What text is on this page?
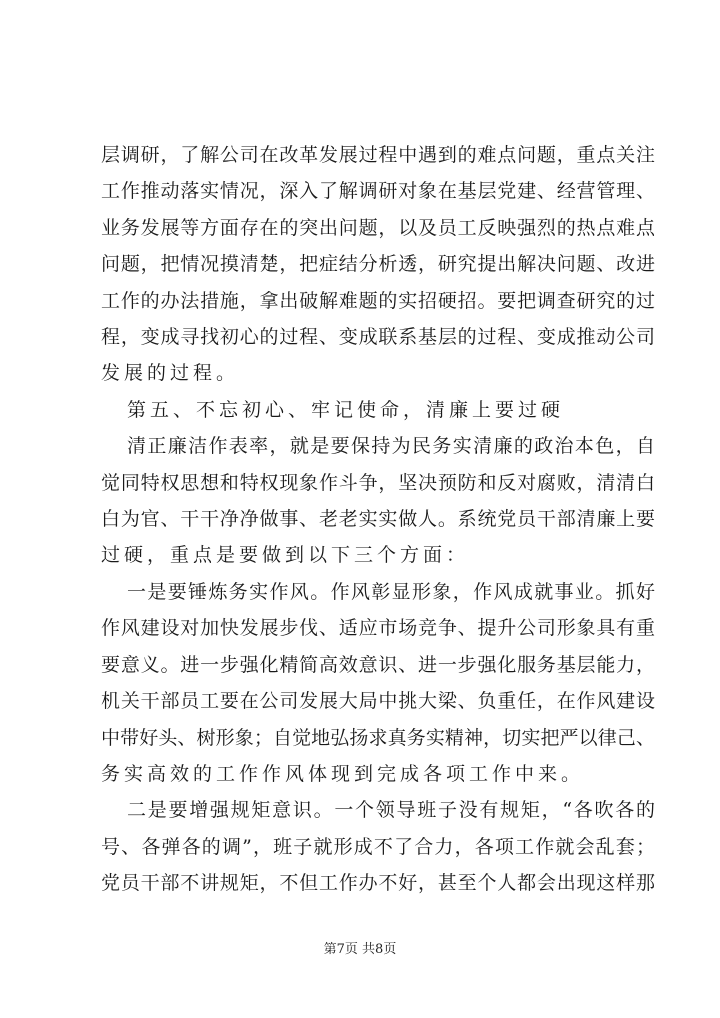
层调研，了解公司在改革发展过程中遇到的难点问题，重点关注
工作推动落实情况，深入了解调研对象在基层党建、经营管理、
业务发展等方面存在的突出问题，以及员工反映强烈的热点难点
问题，把情况摸清楚，把症结分析透，研究提出解决问题、改进
工作的办法措施，拿出破解难题的实招硬招。要把调查研究的过
程，变成寻找初心的过程、变成联系基层的过程、变成推动公司
发展的过程。
第五、不忘初心、牢记使命，清廉上要过硬
清正廉洁作表率，就是要保持为民务实清廉的政治本色，自
觉同特权思想和特权现象作斗争，坚决预防和反对腐败，清清白
白为官、干干净净做事、老老实实做人。系统党员干部清廉上要
过硬，重点是要做到以下三个方面：
一是要锤炼务实作风。作风彰显形象，作风成就事业。抓好
作风建设对加快发展步伐、适应市场竞争、提升公司形象具有重
要意义。进一步强化精简高效意识、进一步强化服务基层能力，
机关干部员工要在公司发展大局中挑大梁、负重任，在作风建设
中带好头、树形象；自觉地弘扬求真务实精神，切实把严以律己、
务实高效的工作作风体现到完成各项工作中来。
二是要增强规矩意识。一个领导班子没有规矩，“各吹各的
号、各弹各的调”，班子就形成不了合力，各项工作就会乱套；
党员干部不讲规矩，不但工作办不好，甚至个人都会出现这样那
第7页 共8页
